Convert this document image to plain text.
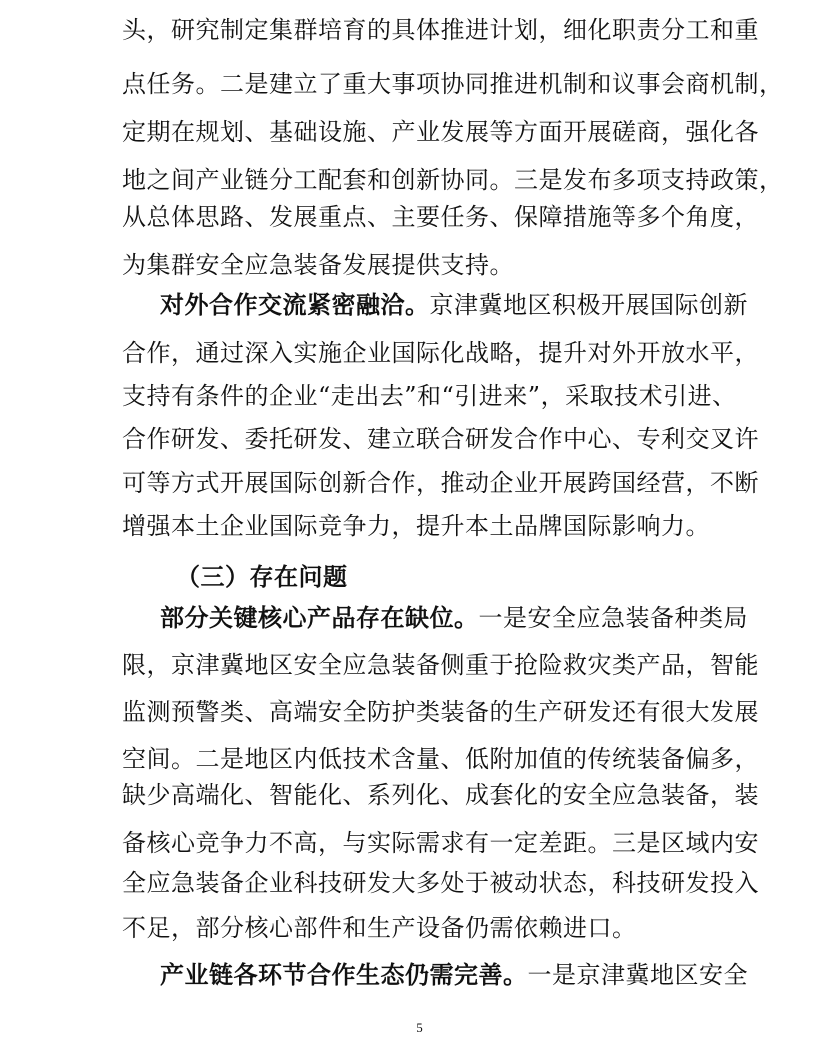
头，研究制定集群培育的具体推进计划，细化职责分工和重
点任务。二是建立了重大事项协同推进机制和议事会商机制，
定期在规划、基础设施、产业发展等方面开展磋商，强化各
地之间产业链分工配套和创新协同。三是发布多项支持政策，
从总体思路、发展重点、主要任务、保障措施等多个角度，
为集群安全应急装备发展提供支持。
对外合作交流紧密融洽。京津冀地区积极开展国际创新
合作，通过深入实施企业国际化战略，提升对外开放水平，
支持有条件的企业“走出去”和“引进来”，采取技术引进、
合作研发、委托研发、建立联合研发合作中心、专利交叉许
可等方式开展国际创新合作，推动企业开展跨国经营，不断
增强本土企业国际竞争力，提升本土品牌国际影响力。
（三）存在问题
部分关键核心产品存在缺位。一是安全应急装备种类局
限，京津冀地区安全应急装备侧重于抢险救灾类产品，智能
监测预警类、高端安全防护类装备的生产研发还有很大发展
空间。二是地区内低技术含量、低附加值的传统装备偏多，
缺少高端化、智能化、系列化、成套化的安全应急装备，装
备核心竞争力不高，与实际需求有一定差距。三是区域内安
全应急装备企业科技研发大多处于被动状态，科技研发投入
不足，部分核心部件和生产设备仍需依赖进口。
产业链各环节合作生态仍需完善。一是京津冀地区安全
5
